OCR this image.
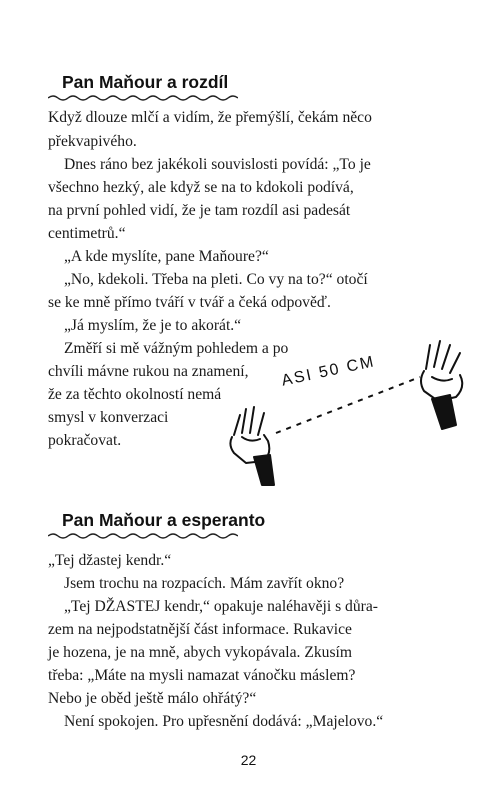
Pan Maňour a rozdíl
Když dlouze mlčí a vidím, že přemýšlí, čekám něco
překvapivého.
Dnes ráno bez jakékoli souvislosti povídá: „To je
všechno hezký, ale když se na to kdokoli podívá,
na první pohled vidí, že je tam rozdíl asi padesát
centimetrů.“
„A kde myslíte, pane Maňoure?“
„No, kdekoli. Třeba na pleti. Co vy na to?“ otočí
se ke mně přímo tváří v tvář a čeká odpověď.
„Já myslím, že je to akorát.“
Změří si mě vážným pohledem a po
chvíli mávne rukou na znamení,
že za těchto okolností nemá
smysl v konverzaci
pokračovat.
ASI 50 CM
Pan Maňour a esperanto
„Tej džastej kendr.“
Jsem trochu na rozpacích. Mám zavřít okno?
„Tej DŽASTEJ kendr,“ opakuje naléhavěji s důra-
zem na nejpodstatnější část informace. Rukavice
je hozena, je na mně, abych vykopávala. Zkusím
třeba: „Máte na mysli namazat vánočku máslem?
Nebo je oběd ještě málo ohřátý?“
Není spokojen. Pro upřesnění dodává: „Majelovo.“
22
